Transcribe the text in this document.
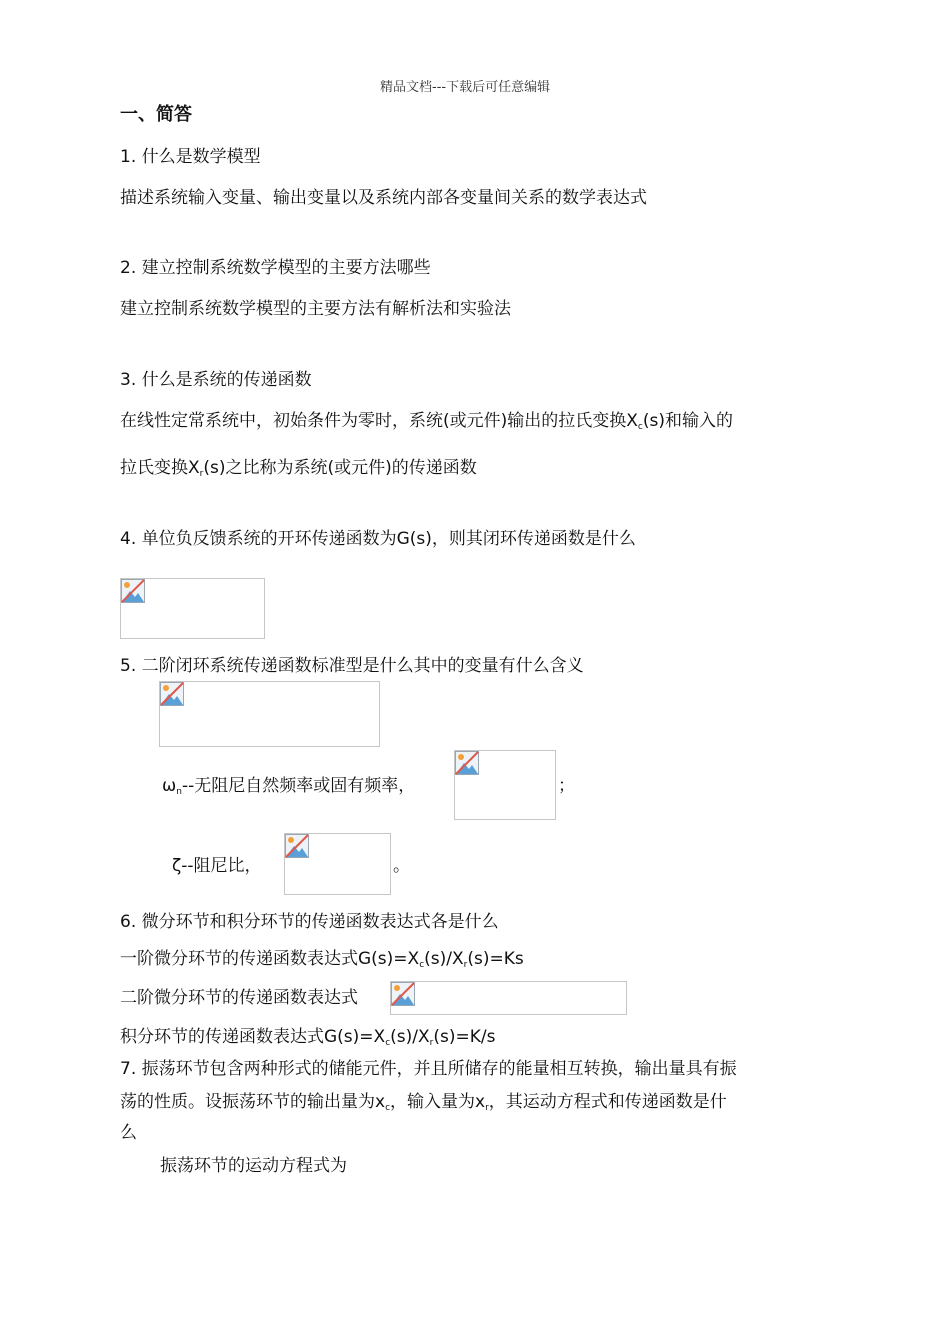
精品文档---下载后可任意编辑
一、简答
1. 什么是数学模型
描述系统输入变量、输出变量以及系统内部各变量间关系的数学表达式
2. 建立控制系统数学模型的主要方法哪些
建立控制系统数学模型的主要方法有解析法和实验法
3. 什么是系统的传递函数
在线性定常系统中，初始条件为零时，系统(或元件)输出的拉氏变换$X_c(s)$和输入的
拉氏变换$X_r(s)$之比称为系统(或元件)的传递函数
4. 单位负反馈系统的开环传递函数为G(s)，则其闭环传递函数是什么
5. 二阶闭环系统传递函数标准型是什么其中的变量有什么含义
$\omega_n--$无阻尼自然频率或固有频率，	；
ζ--阻尼比，	。
6. 微分环节和积分环节的传递函数表达式各是什么
一阶微分环节的传递函数表达式$G(s)=X_c(s)/X_r(s)=Ks$
二阶微分环节的传递函数表达式
积分环节的传递函数表达式$G(s)=X_c(s)/X_r(s)=K/s$
7. 振荡环节包含两种形式的储能元件，并且所储存的能量相互转换，输出量具有振
荡的性质。设振荡环节的输出量为$x_c$，输入量为$x_r$，其运动方程式和传递函数是什
么
振荡环节的运动方程式为
